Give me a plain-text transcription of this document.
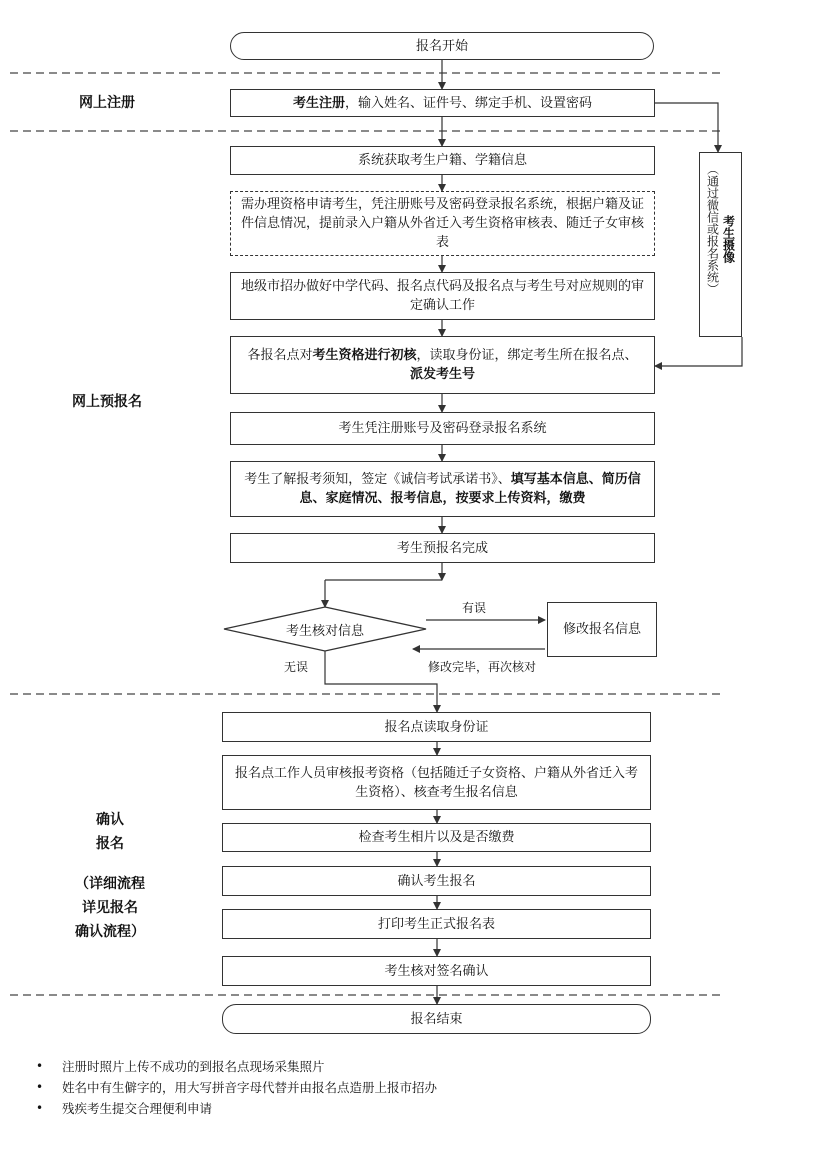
报名开始
网上注册
网上预报名
确认
报名
（详细流程
详见报名
确认流程）
考生注册，输入姓名、证件号、绑定手机、设置密码
系统获取考生户籍、学籍信息
需办理资格申请考生，凭注册账号及密码登录报名系统，根据户籍及证件信息情况，提前录入户籍从外省迁入考生资格审核表、随迁子女审核表
地级市招办做好中学代码、报名点代码及报名点与考生号对应规则的审定确认工作
各报名点对考生资格进行初核，读取身份证，绑定考生所在报名点、派发考生号
考生凭注册账号及密码登录报名系统
考生了解报考须知，签定《诚信考试承诺书》、填写基本信息、简历信息、家庭情况、报考信息，按要求上传资料，缴费
考生预报名完成
考生核对信息	修改报名信息
有误
修改完毕，再次核对
无误
考生摄像
（通过微信或报名系统）
报名点读取身份证
报名点工作人员审核报考资格（包括随迁子女资格、户籍从外省迁入考生资格）、核查考生报名信息
检查考生相片以及是否缴费
确认考生报名
打印考生正式报名表
考生核对签名确认
报名结束
• 注册时照片上传不成功的到报名点现场采集照片
• 姓名中有生僻字的，用大写拼音字母代替并由报名点造册上报市招办
• 残疾考生提交合理便利申请
